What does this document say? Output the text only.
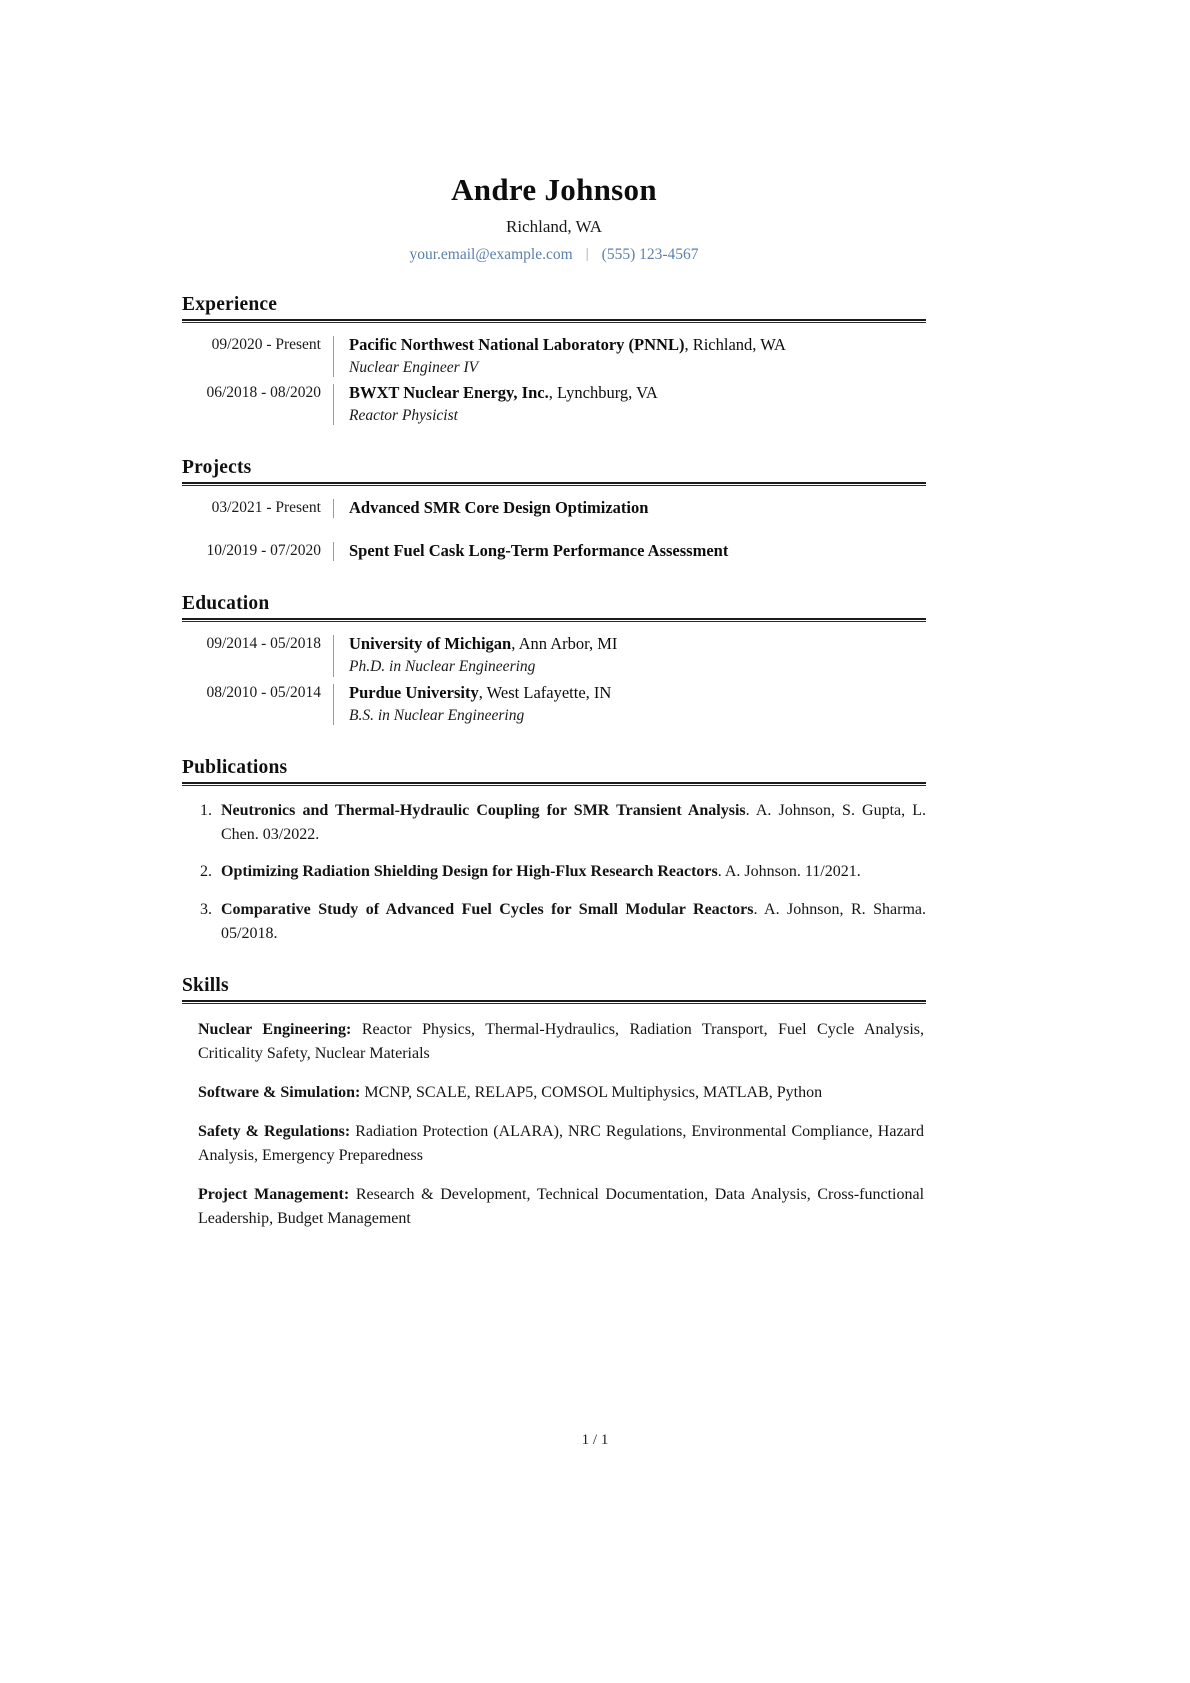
Andre Johnson
Richland, WA
your.email@example.com | (555) 123-4567
Experience
09/2020 - Present	Pacific Northwest National Laboratory (PNNL), Richland, WA
Nuclear Engineer IV
06/2018 - 08/2020	BWXT Nuclear Energy, Inc., Lynchburg, VA
Reactor Physicist
Projects
03/2021 - Present	Advanced SMR Core Design Optimization
10/2019 - 07/2020	Spent Fuel Cask Long-Term Performance Assessment
Education
09/2014 - 05/2018	University of Michigan, Ann Arbor, MI
Ph.D. in Nuclear Engineering
08/2010 - 05/2014	Purdue University, West Lafayette, IN
B.S. in Nuclear Engineering
Publications
1. Neutronics and Thermal-Hydraulic Coupling for SMR Transient Analysis. A. Johnson, S. Gupta, L. Chen. 03/2022.
2. Optimizing Radiation Shielding Design for High-Flux Research Reactors. A. Johnson. 11/2021.
3. Comparative Study of Advanced Fuel Cycles for Small Modular Reactors. A. Johnson, R. Sharma. 05/2018.
Skills
Nuclear Engineering: Reactor Physics, Thermal-Hydraulics, Radiation Transport, Fuel Cycle Analysis, Criticality Safety, Nuclear Materials
Software & Simulation: MCNP, SCALE, RELAP5, COMSOL Multiphysics, MATLAB, Python
Safety & Regulations: Radiation Protection (ALARA), NRC Regulations, Environmental Compliance, Hazard Analysis, Emergency Preparedness
Project Management: Research & Development, Technical Documentation, Data Analysis, Cross-functional Leadership, Budget Management
1 / 1
